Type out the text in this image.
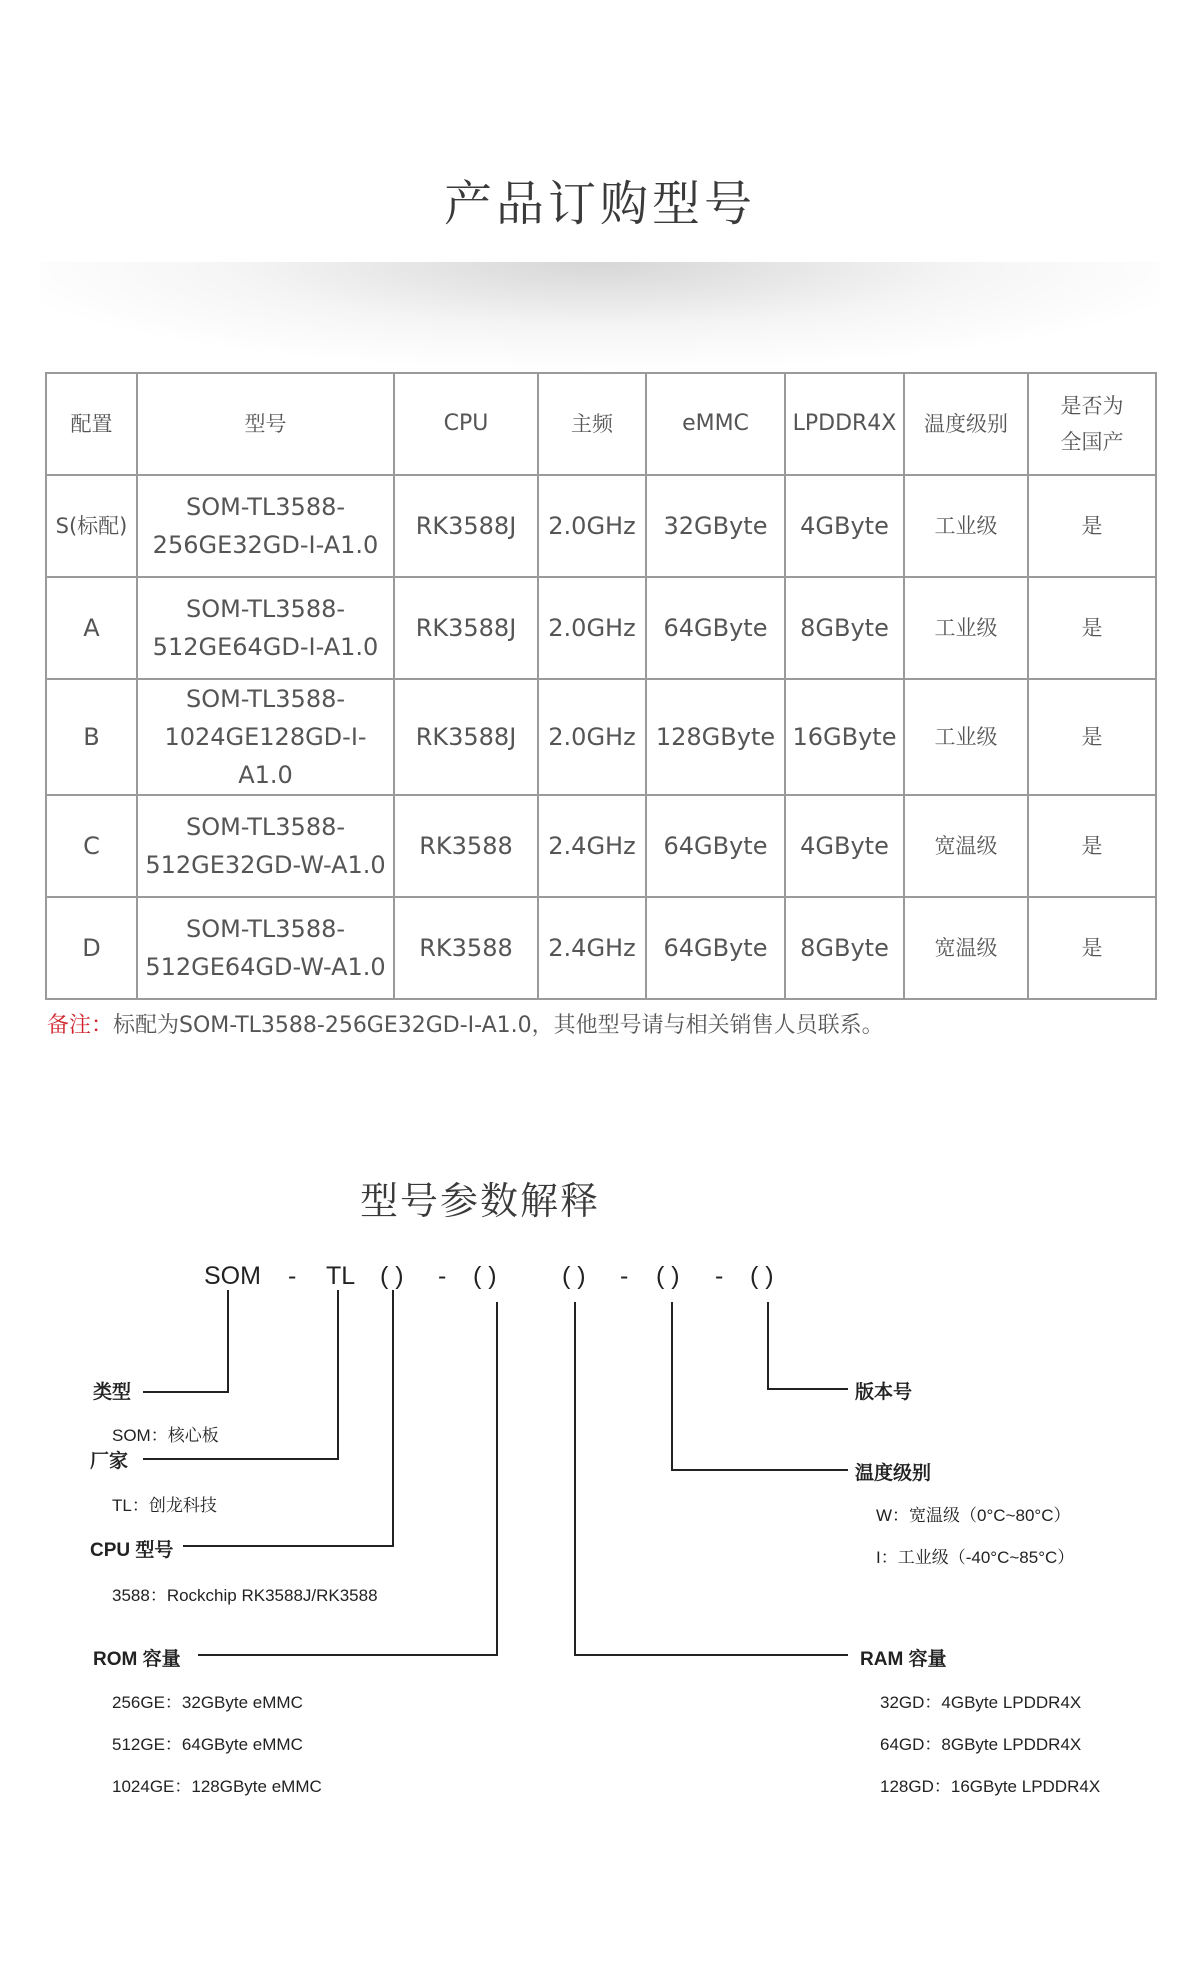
产品订购型号
配置	型号	CPU	主频	eMMC	LPDDR4X	温度级别	是否为
全国产
S(标配)	SOM-TL3588-
256GE32GD-I-A1.0	RK3588J	2.0GHz	32GByte	4GByte	工业级	是
A	SOM-TL3588-
512GE64GD-I-A1.0	RK3588J	2.0GHz	64GByte	8GByte	工业级	是
B	SOM-TL3588-
1024GE128GD-I-A1.0	RK3588J	2.0GHz	128GByte	16GByte	工业级	是
C	SOM-TL3588-
512GE32GD-W-A1.0	RK3588	2.4GHz	64GByte	4GByte	宽温级	是
D	SOM-TL3588-
512GE64GD-W-A1.0	RK3588	2.4GHz	64GByte	8GByte	宽温级	是
备注：标配为SOM-TL3588-256GE32GD-I-A1.0，其他型号请与相关销售人员联系。
型号参数解释
SOM - TL ( ) - ( )	( ) - ( ) - ( )
类型
SOM：核心板
厂家
TL：创龙科技
CPU 型号
3588：Rockchip RK3588J/RK3588
ROM 容量
256GE：32GByte eMMC
512GE：64GByte eMMC
1024GE：128GByte eMMC
版本号
温度级别
W：宽温级（0°C~80°C）
I：工业级（-40°C~85°C）
RAM 容量
32GD：4GByte LPDDR4X
64GD：8GByte LPDDR4X
128GD：16GByte LPDDR4X
